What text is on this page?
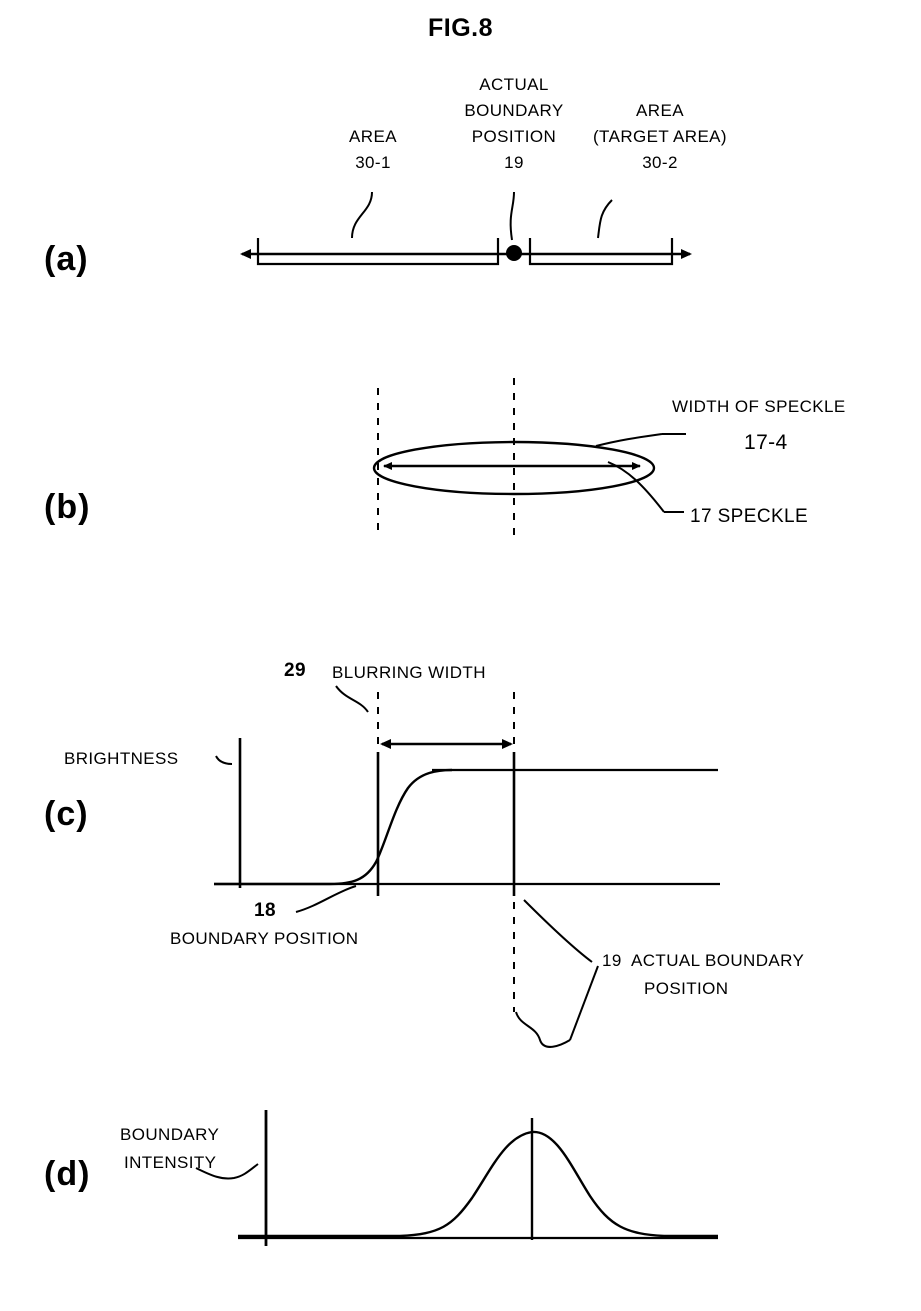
FIG.8
(a)
(b)
(c)
(d)
AREA
30-1
ACTUAL
BOUNDARY
POSITION
19
AREA
(TARGET AREA)
30-2
WIDTH OF SPECKLE
17-4
17 SPECKLE
29 BLURRING WIDTH
BRIGHTNESS
18
BOUNDARY POSITION
19  ACTUAL BOUNDARY
POSITION
BOUNDARY
INTENSITY
